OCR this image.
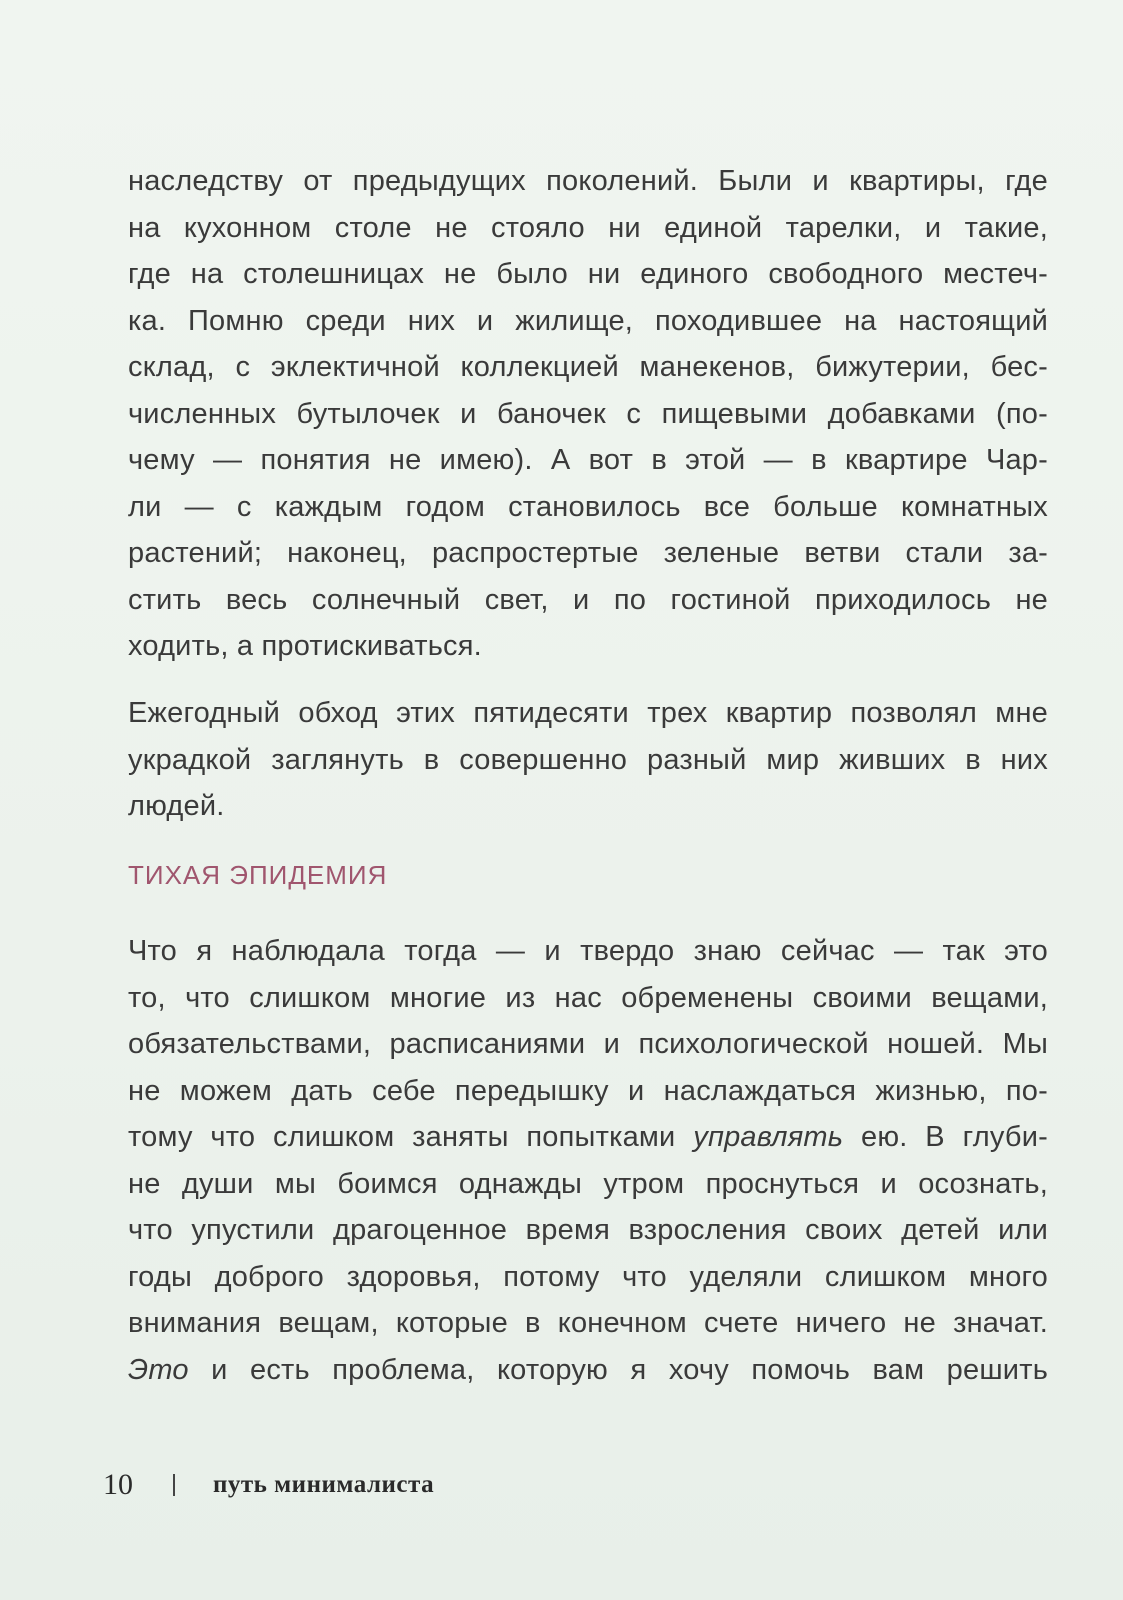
наследству от предыдущих поколений. Были и квартиры, где
на кухонном столе не стояло ни единой тарелки, и такие,
где на столешницах не было ни единого свободного местеч-
ка. Помню среди них и жилище, походившее на настоящий
склад, с эклектичной коллекцией манекенов, бижутерии, бес-
численных бутылочек и баночек с пищевыми добавками (по-
чему — понятия не имею). А вот в этой — в квартире Чар-
ли — с каждым годом становилось все больше комнатных
растений; наконец, распростертые зеленые ветви стали за-
стить весь солнечный свет, и по гостиной приходилось не
ходить, а протискиваться.
Ежегодный обход этих пятидесяти трех квартир позволял мне
украдкой заглянуть в совершенно разный мир живших в них
людей.
ТИХАЯ ЭПИДЕМИЯ
Что я наблюдала тогда — и твердо знаю сейчас — так это
то, что слишком многие из нас обременены своими вещами,
обязательствами, расписаниями и психологической ношей. Мы
не можем дать себе передышку и наслаждаться жизнью, по-
тому что слишком заняты попытками управлять ею. В глуби-
не души мы боимся однажды утром проснуться и осознать,
что упустили драгоценное время взросления своих детей или
годы доброго здоровья, потому что уделяли слишком много
внимания вещам, которые в конечном счете ничего не значат.
Это и есть проблема, которую я хочу помочь вам решить
10	путь минималиста
